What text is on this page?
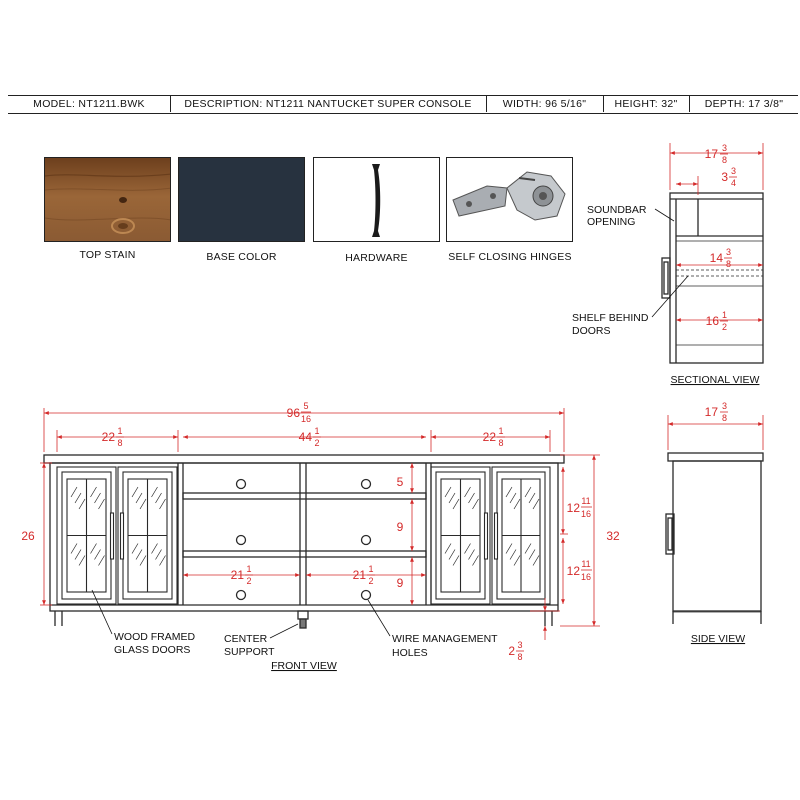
MODEL: NT1211.BWK	DESCRIPTION: NT1211 NANTUCKET SUPER CONSOLE	WIDTH: 96 5/16"	HEIGHT: 32"	DEPTH: 17 3/8"
TOP STAIN	BASE COLOR	HARDWARE	SELF CLOSING HINGES
17 3
8
3 3
4
14 3
8
16 1
2
SOUNDBAR
OPENING
SHELF BEHIND
DOORS
SECTIONAL VIEW
17 3
8
SIDE VIEW
96 5
16
22 1
8	44 1
2	22 1
8
21 1
2	21 1
2
26	32
5
9
9
12 11
16
12 11
16
2 3
8
WOOD FRAMED
GLASS DOORS
CENTER
SUPPORT
WIRE MANAGEMENT
HOLES
FRONT VIEW
